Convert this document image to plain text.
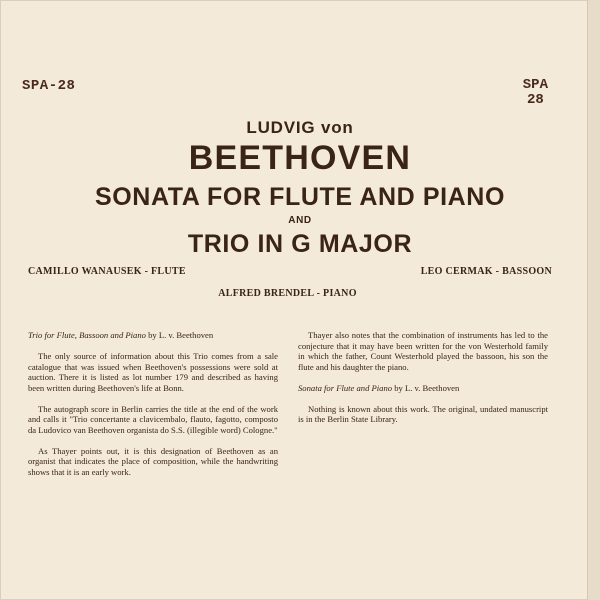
SPA-28	SPA
28
LUDVIG von
BEETHOVEN
SONATA FOR FLUTE AND PIANO
AND
TRIO IN G MAJOR
CAMILLO WANAUSEK - FLUTE	LEO CERMAK - BASSOON
ALFRED BRENDEL - PIANO

Trio for Flute, Bassoon and Piano by L. v. Beethoven

The only source of information about this Trio comes from a sale catalogue that was issued when Beethoven's possessions were sold at auction. There it is listed as lot number 179 and described as having been written during Beethoven's life at Bonn.

The autograph score in Berlin carries the title at the end of the work and calls it "Trio concertante a clavicembalo, flauto, fagotto, composto da Ludovico van Beethoven organista do S.S. (illegible word) Cologne."

As Thayer points out, it is this designation of Beethoven as an organist that indicates the place of composition, while the handwriting shows that it is an early work.

Thayer also notes that the combination of instruments has led to the conjecture that it may have been written for the von Westerhold family in which the father, Count Westerhold played the bassoon, his son the flute and his daughter the piano.

Sonata for Flute and Piano by L. v. Beethoven

Nothing is known about this work. The original, undated manuscript is in the Berlin State Library.
